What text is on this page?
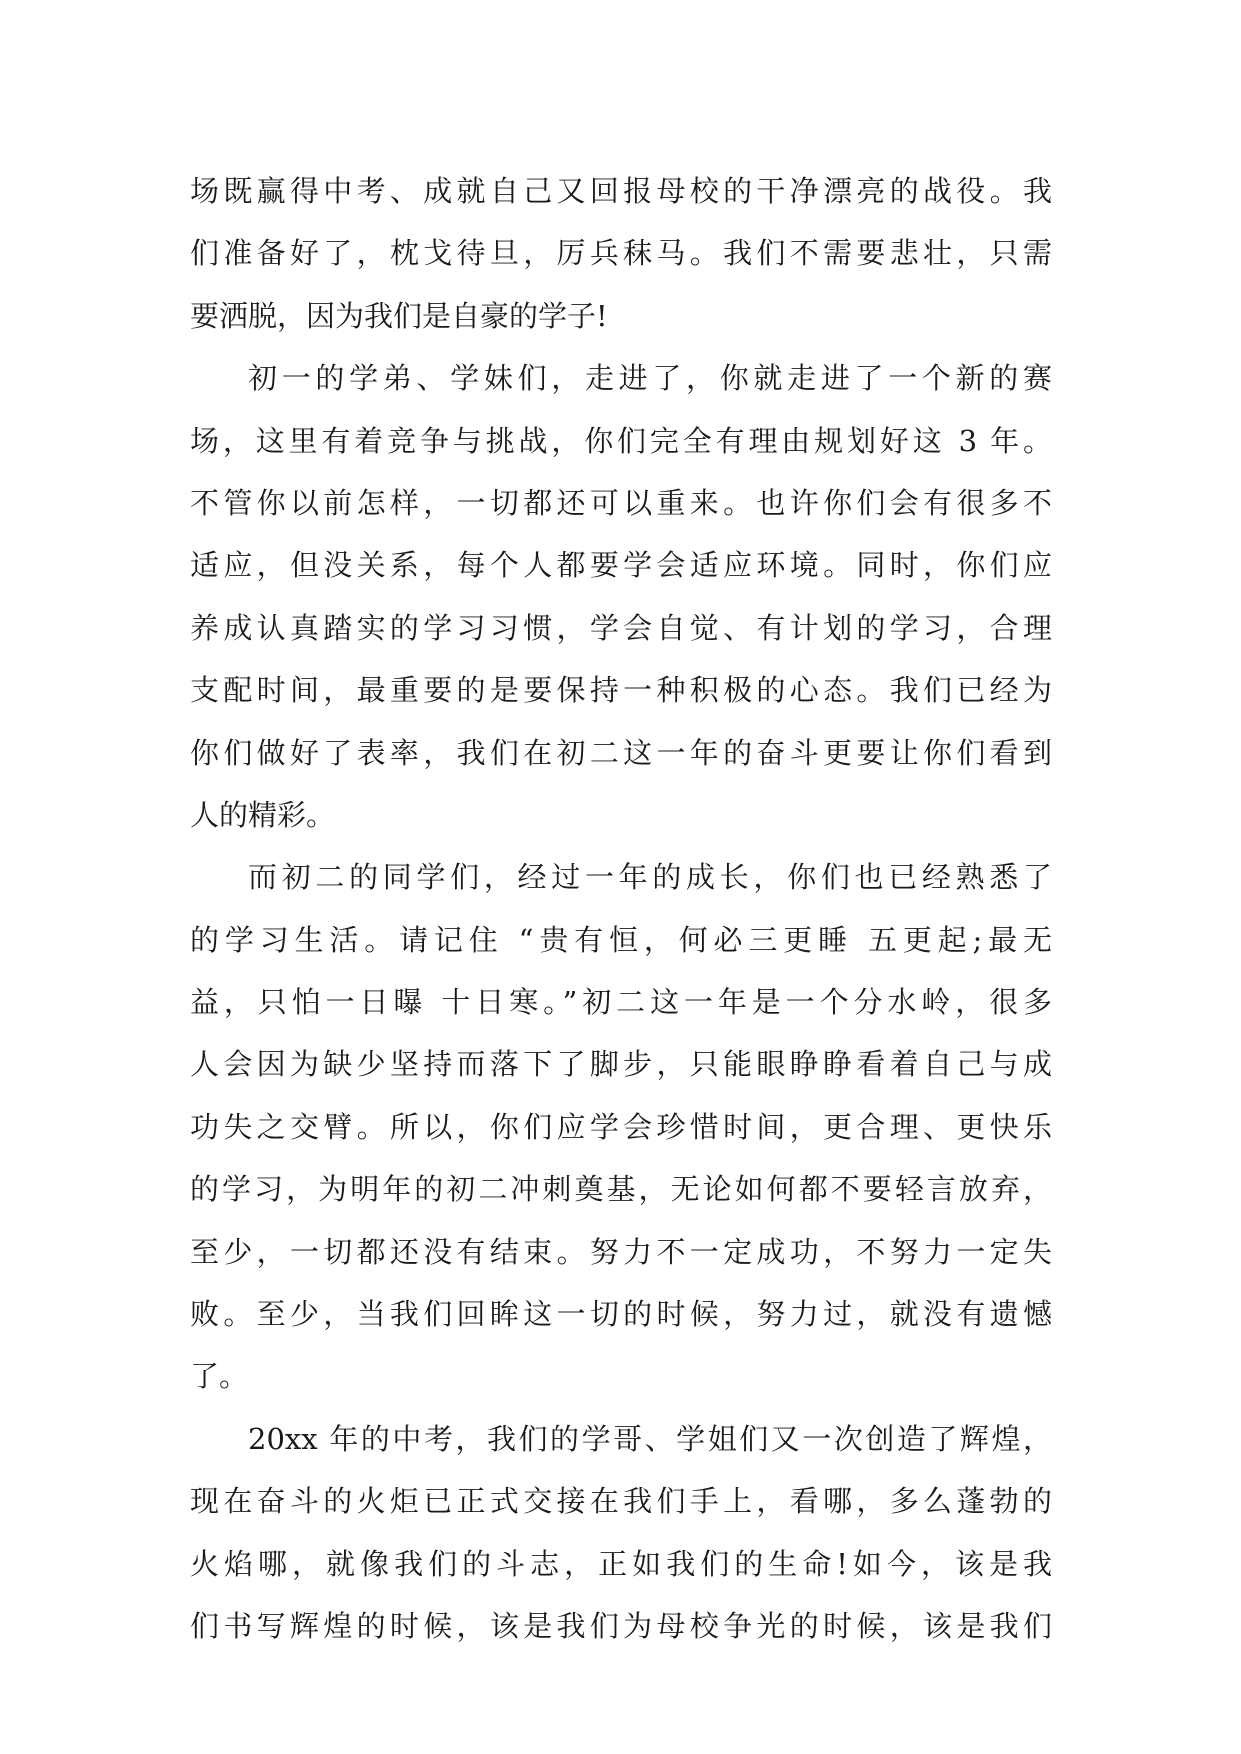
场既赢得中考、成就自己又回报母校的干净漂亮的战役。我
们准备好了，枕戈待旦，厉兵秣马。我们不需要悲壮，只需
要洒脱，因为我们是自豪的学子!
初一的学弟、学妹们，走进了，你就走进了一个新的赛
场，这里有着竞争与挑战，你们完全有理由规划好这 3 年。
不管你以前怎样，一切都还可以重来。也许你们会有很多不
适应，但没关系，每个人都要学会适应环境。同时，你们应
养成认真踏实的学习习惯，学会自觉、有计划的学习，合理
支配时间，最重要的是要保持一种积极的心态。我们已经为
你们做好了表率，我们在初二这一年的奋斗更要让你们看到
人的精彩。
而初二的同学们，经过一年的成长，你们也已经熟悉了
的学习生活。请记住 “贵有恒，何必三更睡 五更起;最无
益，只怕一日曝 十日寒。”初二这一年是一个分水岭，很多
人会因为缺少坚持而落下了脚步，只能眼睁睁看着自己与成
功失之交臂。所以，你们应学会珍惜时间，更合理、更快乐
的学习，为明年的初二冲刺奠基，无论如何都不要轻言放弃，
至少，一切都还没有结束。努力不一定成功，不努力一定失
败。至少，当我们回眸这一切的时候，努力过，就没有遗憾
了。
20xx 年的中考，我们的学哥、学姐们又一次创造了辉煌，
现在奋斗的火炬已正式交接在我们手上，看哪，多么蓬勃的
火焰哪，就像我们的斗志，正如我们的生命!如今，该是我
们书写辉煌的时候，该是我们为母校争光的时候，该是我们
